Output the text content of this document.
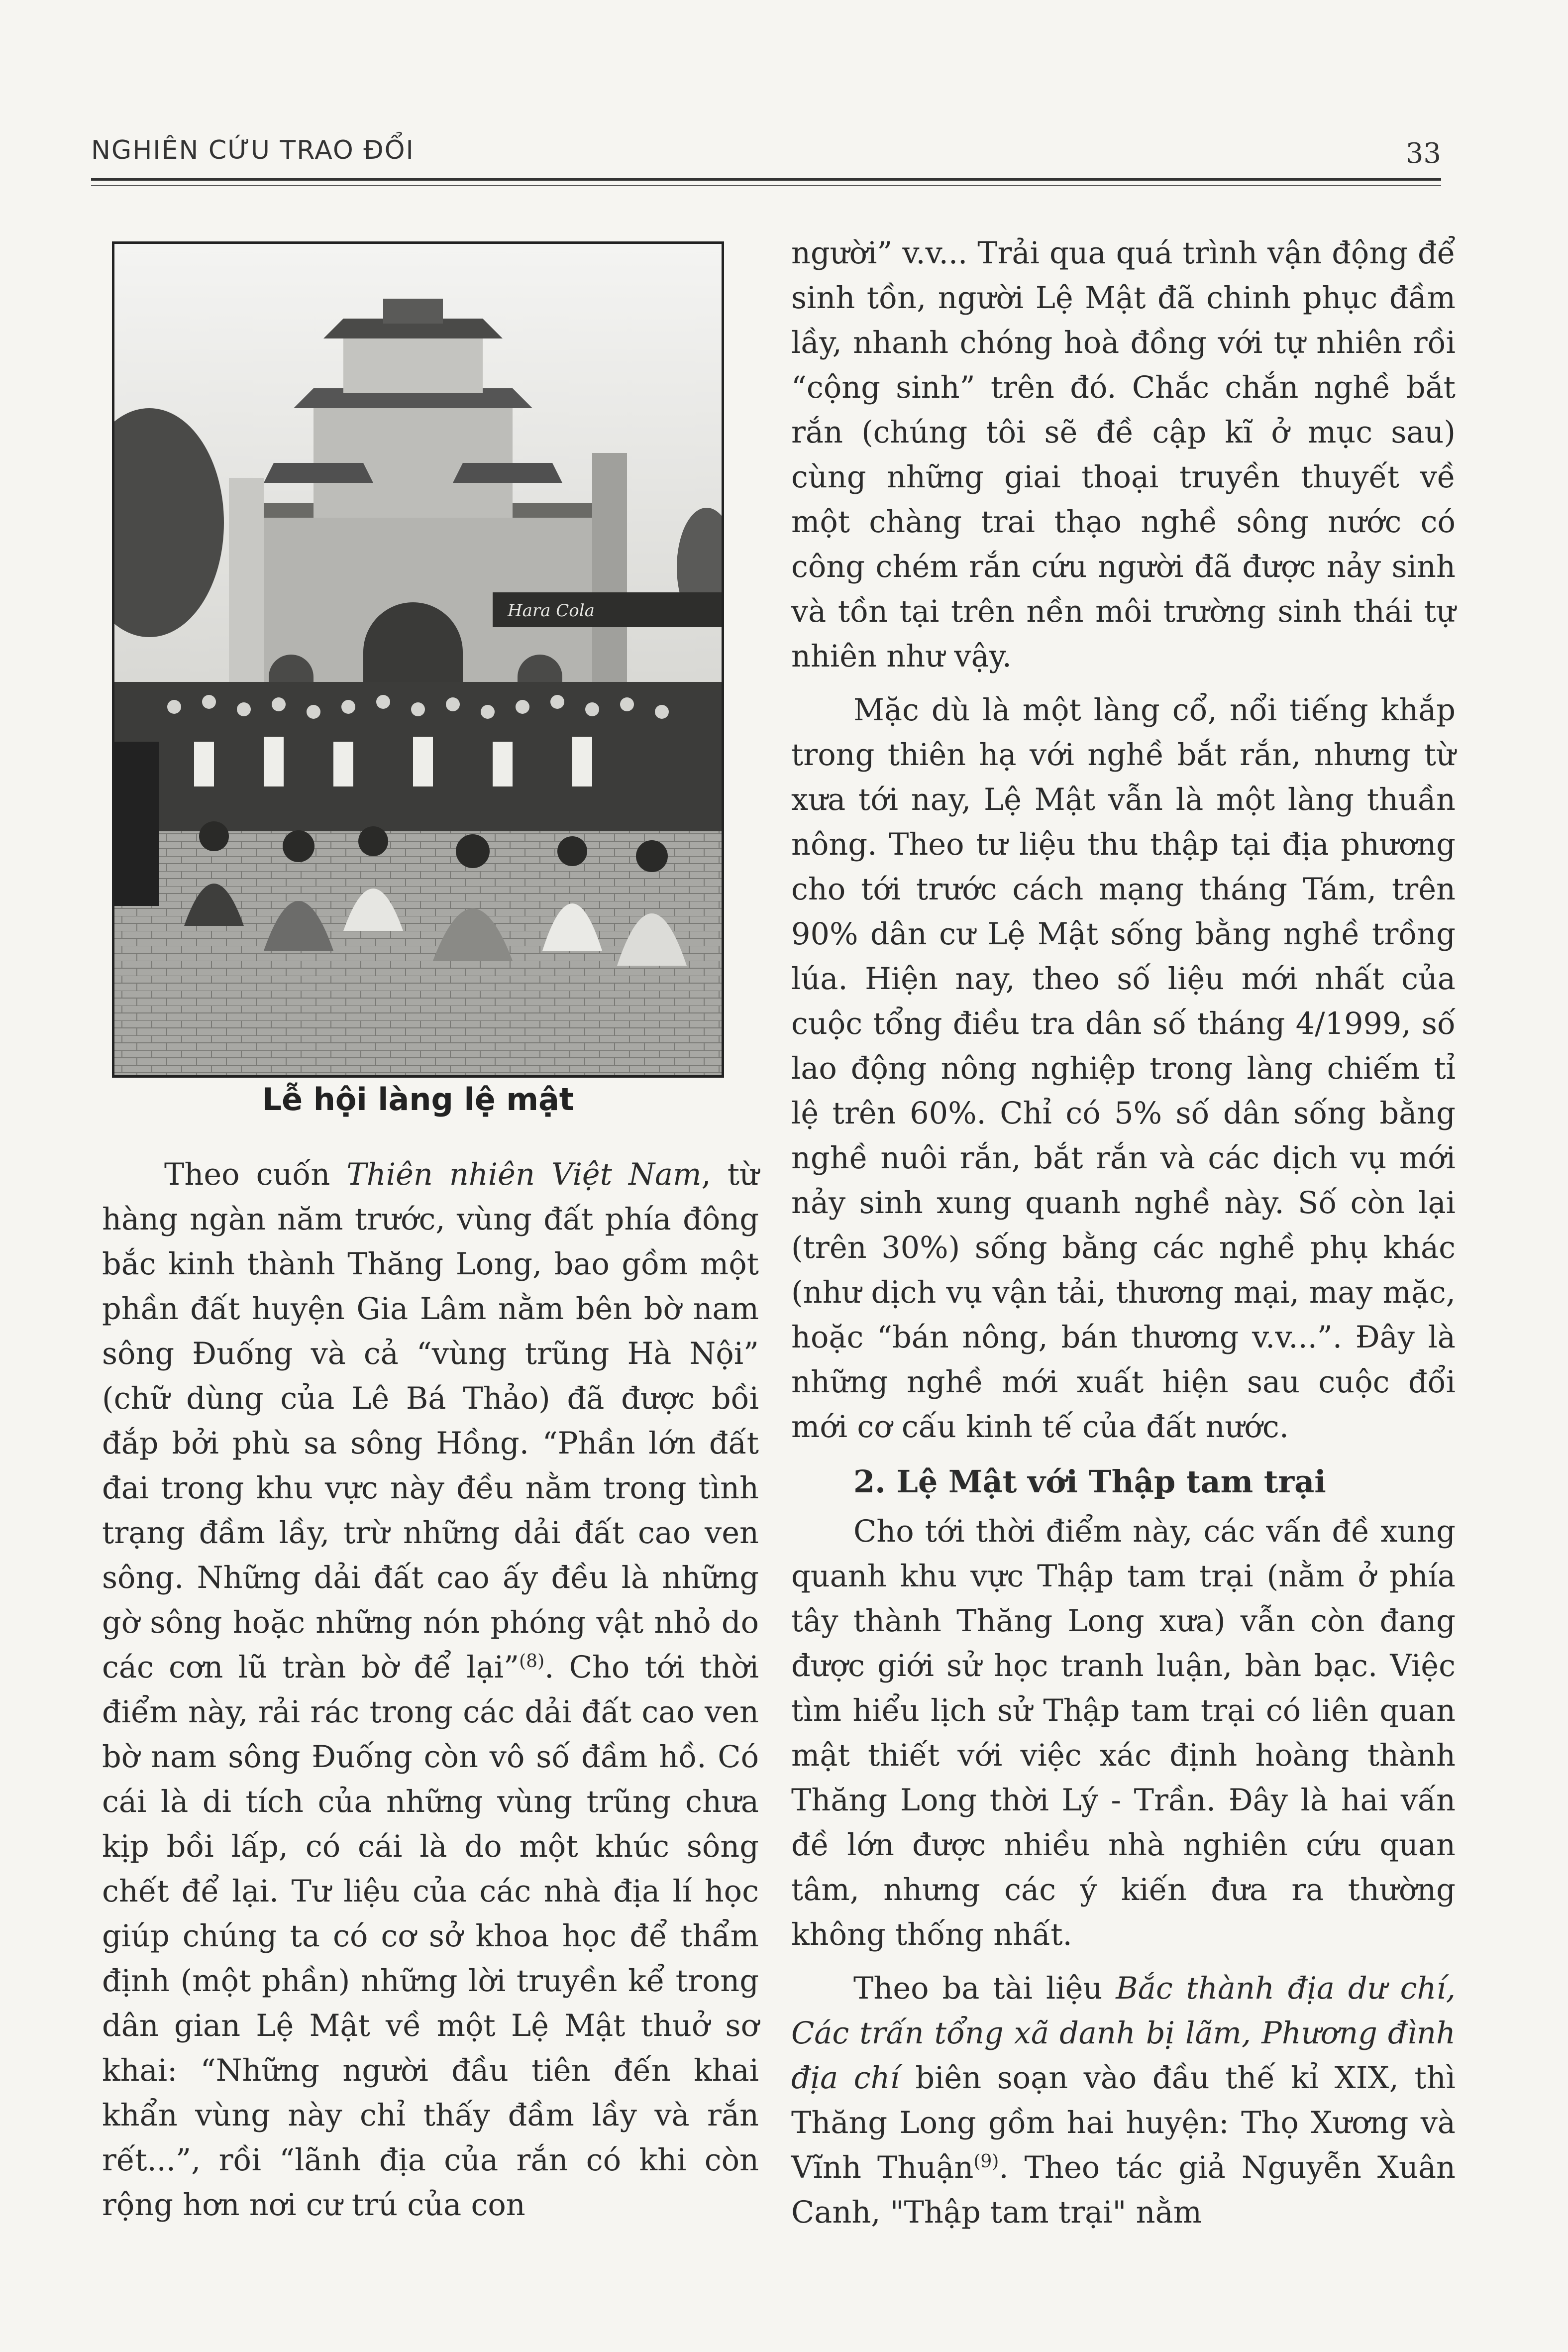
NGHIÊN CỨU TRAO ĐỔI	33
Hara Cola
Lễ hội làng lệ mật

Theo cuốn Thiên nhiên Việt Nam, từ hàng ngàn năm trước, vùng đất phía đông bắc kinh thành Thăng Long, bao gồm một phần đất huyện Gia Lâm nằm bên bờ nam sông Đuống và cả “vùng trũng Hà Nội” (chữ dùng của Lê Bá Thảo) đã được bồi đắp bởi phù sa sông Hồng. “Phần lớn đất đai trong khu vực này đều nằm trong tình trạng đầm lầy, trừ những dải đất cao ven sông. Những dải đất cao ấy đều là những gờ sông hoặc những nón phóng vật nhỏ do các cơn lũ tràn bờ để lại”$^{(8)}$. Cho tới thời điểm này, rải rác trong các dải đất cao ven bờ nam sông Đuống còn vô số đầm hồ. Có cái là di tích của những vùng trũng chưa kịp bồi lấp, có cái là do một khúc sông chết để lại. Tư liệu của các nhà địa lí học giúp chúng ta có cơ sở khoa học để thẩm định (một phần) những lời truyền kể trong dân gian Lệ Mật về một Lệ Mật thuở sơ khai: “Những người đầu tiên đến khai khẩn vùng này chỉ thấy đầm lầy và rắn rết...”, rồi “lãnh địa của rắn có khi còn rộng hơn nơi cư trú của con

người” v.v... Trải qua quá trình vận động để sinh tồn, người Lệ Mật đã chinh phục đầm lầy, nhanh chóng hoà đồng với tự nhiên rồi “cộng sinh” trên đó. Chắc chắn nghề bắt rắn (chúng tôi sẽ đề cập kĩ ở mục sau) cùng những giai thoại truyền thuyết về một chàng trai thạo nghề sông nước có công chém rắn cứu người đã được nảy sinh và tồn tại trên nền môi trường sinh thái tự nhiên như vậy.

Mặc dù là một làng cổ, nổi tiếng khắp trong thiên hạ với nghề bắt rắn, nhưng từ xưa tới nay, Lệ Mật vẫn là một làng thuần nông. Theo tư liệu thu thập tại địa phương cho tới trước cách mạng tháng Tám, trên 90% dân cư Lệ Mật sống bằng nghề trồng lúa. Hiện nay, theo số liệu mới nhất của cuộc tổng điều tra dân số tháng 4/1999, số lao động nông nghiệp trong làng chiếm tỉ lệ trên 60%. Chỉ có 5% số dân sống bằng nghề nuôi rắn, bắt rắn và các dịch vụ mới nảy sinh xung quanh nghề này. Số còn lại (trên 30%) sống bằng các nghề phụ khác (như dịch vụ vận tải, thương mại, may mặc, hoặc “bán nông, bán thương v.v...”. Đây là những nghề mới xuất hiện sau cuộc đổi mới cơ cấu kinh tế của đất nước.

2. Lệ Mật với Thập tam trại

Cho tới thời điểm này, các vấn đề xung quanh khu vực Thập tam trại (nằm ở phía tây thành Thăng Long xưa) vẫn còn đang được giới sử học tranh luận, bàn bạc. Việc tìm hiểu lịch sử Thập tam trại có liên quan mật thiết với việc xác định hoàng thành Thăng Long thời Lý - Trần. Đây là hai vấn đề lớn được nhiều nhà nghiên cứu quan tâm, nhưng các ý kiến đưa ra thường không thống nhất.

Theo ba tài liệu Bắc thành địa dư chí, Các trấn tổng xã danh bị lãm, Phương đình địa chí biên soạn vào đầu thế kỉ XIX, thì Thăng Long gồm hai huyện: Thọ Xương và Vĩnh Thuận$^{(9)}$. Theo tác giả Nguyễn Xuân Canh, "Thập tam trại" nằm
